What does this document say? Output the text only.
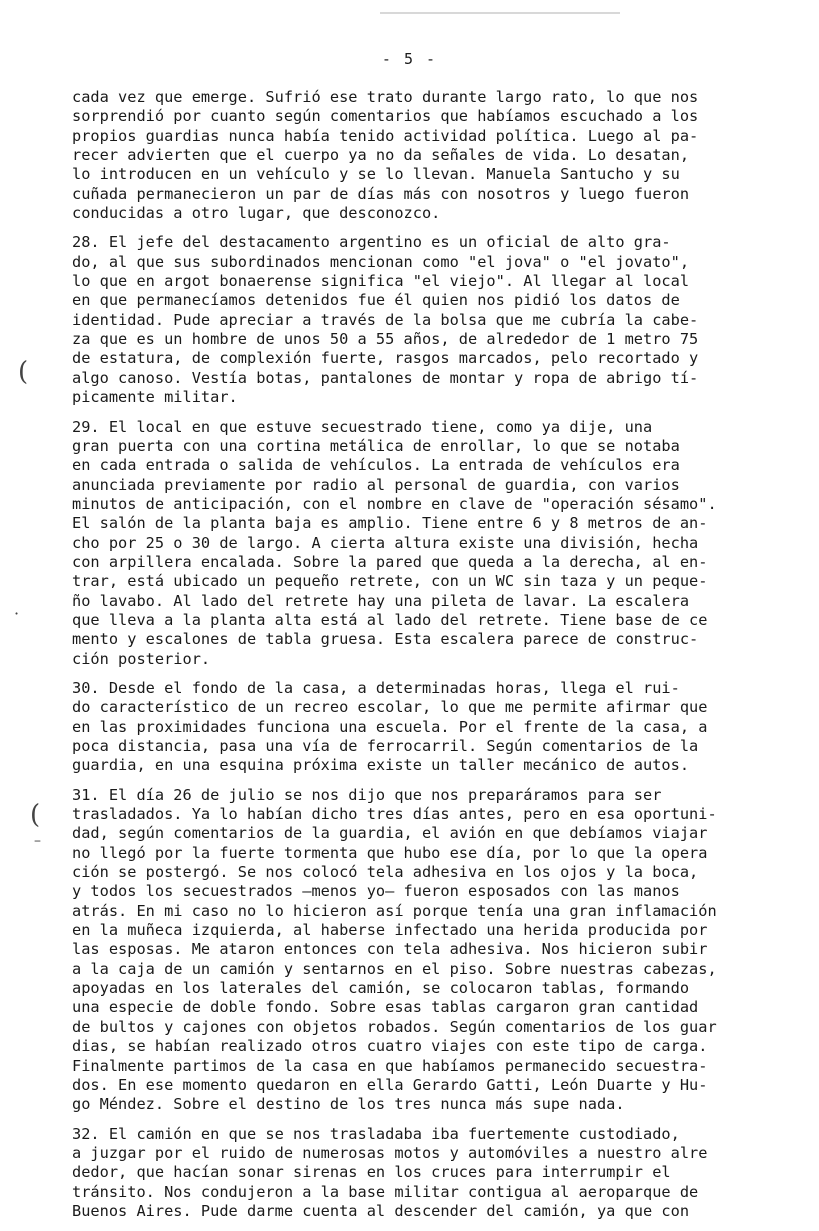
- 5 -
(
·
(
–

cada vez que emerge. Sufrió ese trato durante largo rato, lo que nos
sorprendió por cuanto según comentarios que habíamos escuchado a los
propios guardias nunca había tenido actividad política. Luego al pa-
recer advierten que el cuerpo ya no da señales de vida. Lo desatan,
lo introducen en un vehículo y se lo llevan. Manuela Santucho y su
cuñada permanecieron un par de días más con nosotros y luego fueron
conducidas a otro lugar, que desconozco.

28. El jefe del destacamento argentino es un oficial de alto gra-
do, al que sus subordinados mencionan como "el jova" o "el jovato",
lo que en argot bonaerense significa "el viejo". Al llegar al local
en que permanecíamos detenidos fue él quien nos pidió los datos de
identidad. Pude apreciar a través de la bolsa que me cubría la cabe-
za que es un hombre de unos 50 a 55 años, de alrededor de 1 metro 75
de estatura, de complexión fuerte, rasgos marcados, pelo recortado y
algo canoso. Vestía botas, pantalones de montar y ropa de abrigo tí-
picamente militar.

29. El local en que estuve secuestrado tiene, como ya dije, una
gran puerta con una cortina metálica de enrollar, lo que se notaba
en cada entrada o salida de vehículos. La entrada de vehículos era
anunciada previamente por radio al personal de guardia, con varios
minutos de anticipación, con el nombre en clave de "operación sésamo".
El salón de la planta baja es amplio. Tiene entre 6 y 8 metros de an-
cho por 25 o 30 de largo. A cierta altura existe una división, hecha
con arpillera encalada. Sobre la pared que queda a la derecha, al en-
trar, está ubicado un pequeño retrete, con un WC sin taza y un peque-
ño lavabo. Al lado del retrete hay una pileta de lavar. La escalera
que lleva a la planta alta está al lado del retrete. Tiene base de ce
mento y escalones de tabla gruesa. Esta escalera parece de construc-
ción posterior.

30. Desde el fondo de la casa, a determinadas horas, llega el rui-
do característico de un recreo escolar, lo que me permite afirmar que
en las proximidades funciona una escuela. Por el frente de la casa, a
poca distancia, pasa una vía de ferrocarril. Según comentarios de la
guardia, en una esquina próxima existe un taller mecánico de autos.

31. El día 26 de julio se nos dijo que nos preparáramos para ser
trasladados. Ya lo habían dicho tres días antes, pero en esa oportuni-
dad, según comentarios de la guardia, el avión en que debíamos viajar
no llegó por la fuerte tormenta que hubo ese día, por lo que la opera
ción se postergó. Se nos colocó tela adhesiva en los ojos y la boca,
y todos los secuestrados —menos yo— fueron esposados con las manos
atrás. En mi caso no lo hicieron así porque tenía una gran inflamación
en la muñeca izquierda, al haberse infectado una herida producida por
las esposas. Me ataron entonces con tela adhesiva. Nos hicieron subir
a la caja de un camión y sentarnos en el piso. Sobre nuestras cabezas,
apoyadas en los laterales del camión, se colocaron tablas, formando
una especie de doble fondo. Sobre esas tablas cargaron gran cantidad
de bultos y cajones con objetos robados. Según comentarios de los guar
dias, se habían realizado otros cuatro viajes con este tipo de carga.
Finalmente partimos de la casa en que habíamos permanecido secuestra-
dos. En ese momento quedaron en ella Gerardo Gatti, León Duarte y Hu-
go Méndez. Sobre el destino de los tres nunca más supe nada.

32. El camión en que se nos trasladaba iba fuertemente custodiado,
a juzgar por el ruido de numerosas motos y automóviles a nuestro alre
dedor, que hacían sonar sirenas en los cruces para interrumpir el
tránsito. Nos condujeron a la base militar contigua al aeroparque de
Buenos Aires. Pude darme cuenta al descender del camión, ya que con
